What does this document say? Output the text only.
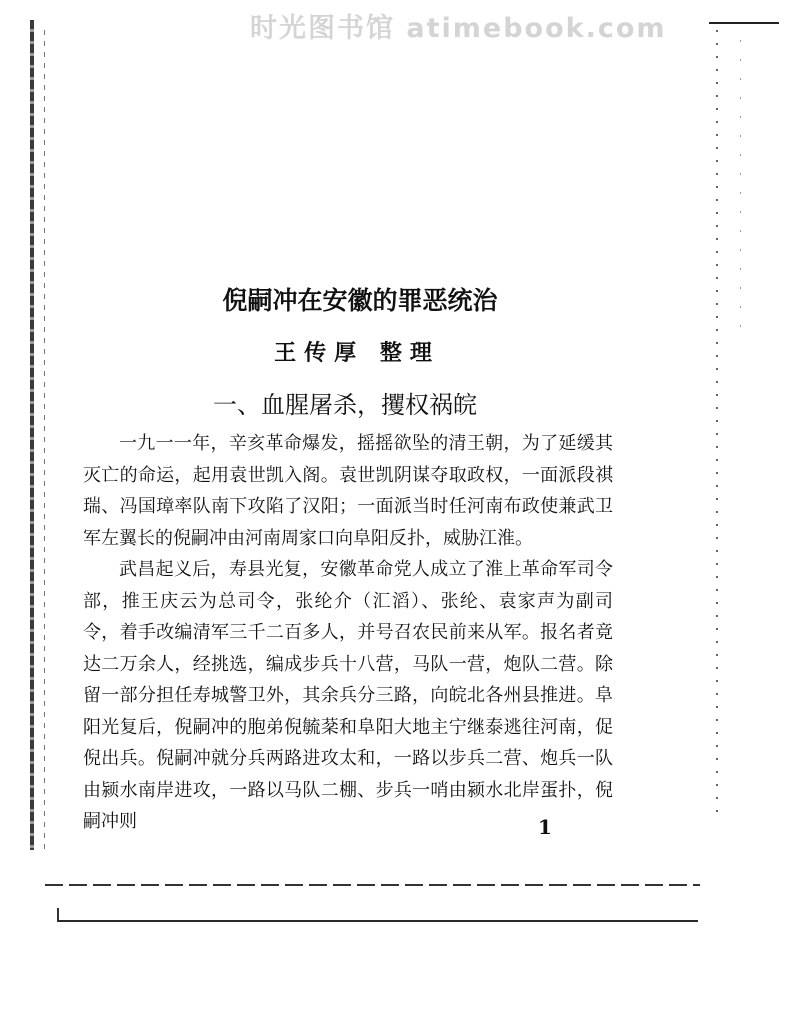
时光图书馆 atimebook.com
倪嗣冲在安徽的罪恶统治
王传厚 整理
一、血腥屠杀，攫权祸皖

一九一一年，辛亥革命爆发，摇摇欲坠的清王朝，为了延缓其灭亡的命运，起用袁世凯入阁。袁世凯阴谋夺取政权，一面派段祺瑞、冯国璋率队南下攻陷了汉阳；一面派当时任河南布政使兼武卫军左翼长的倪嗣冲由河南周家口向阜阳反扑，威胁江淮。

武昌起义后，寿县光复，安徽革命党人成立了淮上革命军司令部，推王庆云为总司令，张纶介（汇滔）、张纶、袁家声为副司令，着手改编清军三千二百多人，并号召农民前来从军。报名者竟达二万余人，经挑选，编成步兵十八营，马队一营，炮队二营。除留一部分担任寿城警卫外，其余兵分三路，向皖北各州县推进。阜阳光复后，倪嗣冲的胞弟倪毓棻和阜阳大地主宁继泰逃往河南，促倪出兵。倪嗣冲就分兵两路进攻太和，一路以步兵二营、炮兵一队由颍水南岸进攻，一路以马队二棚、步兵一哨由颍水北岸蛋扑，倪嗣冲则	1
